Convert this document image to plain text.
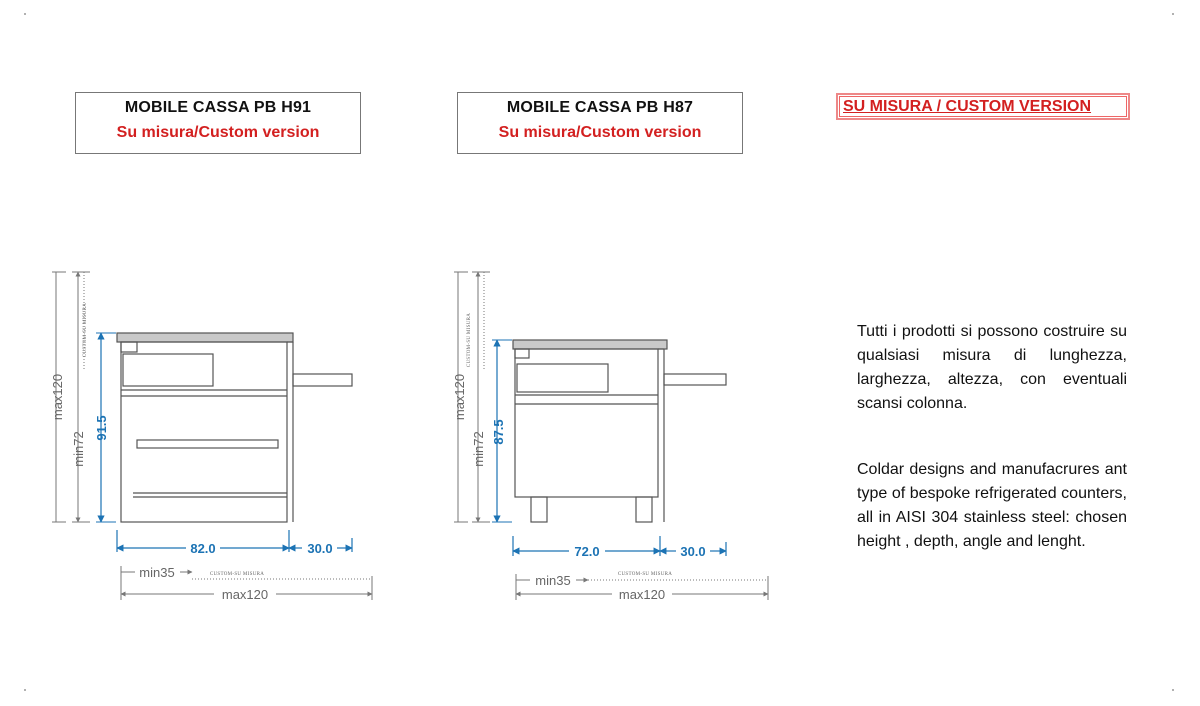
MOBILE CASSA PB H91
Su misura/Custom version
MOBILE CASSA PB H87
Su misura/Custom version
SU MISURA / CUSTOM VERSION

Tutti i prodotti si possono costruire su qualsiasi misura di lunghezza, larghezza, altezza, con eventuali scansi colonna.

Coldar designs and manufacrures ant type of bespoke refrigerated counters, all in AISI 304 stainless steel: chosen height , depth, angle and lenght.

CUSTOM-SU MISURA
max120
min72
91.5
82.0	30.0
min35	CUSTOM-SU MISURA
max120
CUSTOM-SU MISURA
max120
min72 87.5
72.0	30.0
min35	CUSTOM-SU MISURA
max120
